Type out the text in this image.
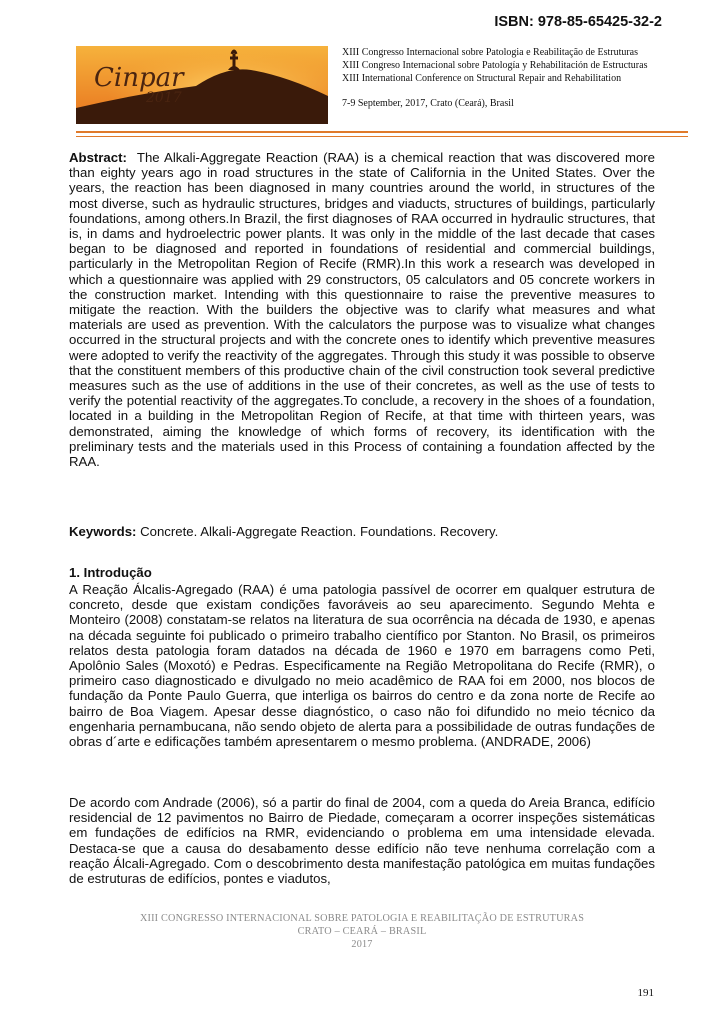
ISBN: 978-85-65425-32-2
Cinpar
2017
XIII Congresso Internacional sobre Patologia e Reabilitação de Estruturas
XIII Congreso Internacional sobre Patología y Rehabilitación de Estructuras
XIII International Conference on Structural Repair and Rehabilitation
7-9 September, 2017, Crato (Ceará), Brasil
Abstract: The Alkali-Aggregate Reaction (RAA) is a chemical reaction that was discovered more than eighty years ago in road structures in the state of California in the United States. Over the years, the reaction has been diagnosed in many countries around the world, in structures of the most diverse, such as hydraulic structures, bridges and viaducts, structures of buildings, particularly foundations, among others.In Brazil, the first diagnoses of RAA occurred in hydraulic structures, that is, in dams and hydroelectric power plants. It was only in the middle of the last decade that cases began to be diagnosed and reported in foundations of residential and commercial buildings, particularly in the Metropolitan Region of Recife (RMR).In this work a research was developed in which a questionnaire was applied with 29 constructors, 05 calculators and 05 concrete workers in the construction market. Intending with this questionnaire to raise the preventive measures to mitigate the reaction. With the builders the objective was to clarify what measures and what materials are used as prevention. With the calculators the purpose was to visualize what changes occurred in the structural projects and with the concrete ones to identify which preventive measures were adopted to verify the reactivity of the aggregates. Through this study it was possible to observe that the constituent members of this productive chain of the civil construction took several predictive measures such as the use of additions in the use of their concretes, as well as the use of tests to verify the potential reactivity of the aggregates.To conclude, a recovery in the shoes of a foundation, located in a building in the Metropolitan Region of Recife, at that time with thirteen years, was demonstrated, aiming the knowledge of which forms of recovery, its identification with the preliminary tests and the materials used in this Process of containing a foundation affected by the RAA.
Keywords: Concrete. Alkali-Aggregate Reaction. Foundations. Recovery.
1. Introdução
A Reação Álcalis-Agregado (RAA) é uma patologia passível de ocorrer em qualquer estrutura de concreto, desde que existam condições favoráveis ao seu aparecimento. Segundo Mehta e Monteiro (2008) constatam-se relatos na literatura de sua ocorrência na década de 1930, e apenas na década seguinte foi publicado o primeiro trabalho científico por Stanton. No Brasil, os primeiros relatos desta patologia foram datados na década de 1960 e 1970 em barragens como Peti, Apolônio Sales (Moxotó) e Pedras. Especificamente na Região Metropolitana do Recife (RMR), o primeiro caso diagnosticado e divulgado no meio acadêmico de RAA foi em 2000, nos blocos de fundação da Ponte Paulo Guerra, que interliga os bairros do centro e da zona norte de Recife ao bairro de Boa Viagem. Apesar desse diagnóstico, o caso não foi difundido no meio técnico da engenharia pernambucana, não sendo objeto de alerta para a possibilidade de outras fundações de obras d´arte e edificações também apresentarem o mesmo problema. (ANDRADE, 2006)
De acordo com Andrade (2006), só a partir do final de 2004, com a queda do Areia Branca, edifício residencial de 12 pavimentos no Bairro de Piedade, começaram a ocorrer inspeções sistemáticas em fundações de edifícios na RMR, evidenciando o problema em uma intensidade elevada. Destaca-se que a causa do desabamento desse edifício não teve nenhuma correlação com a reação Álcali-Agregado. Com o descobrimento desta manifestação patológica em muitas fundações de estruturas de edifícios, pontes e viadutos,
XIII CONGRESSO INTERNACIONAL SOBRE PATOLOGIA E REABILITAÇÃO DE ESTRUTURAS
CRATO – CEARÁ – BRASIL
2017
191
